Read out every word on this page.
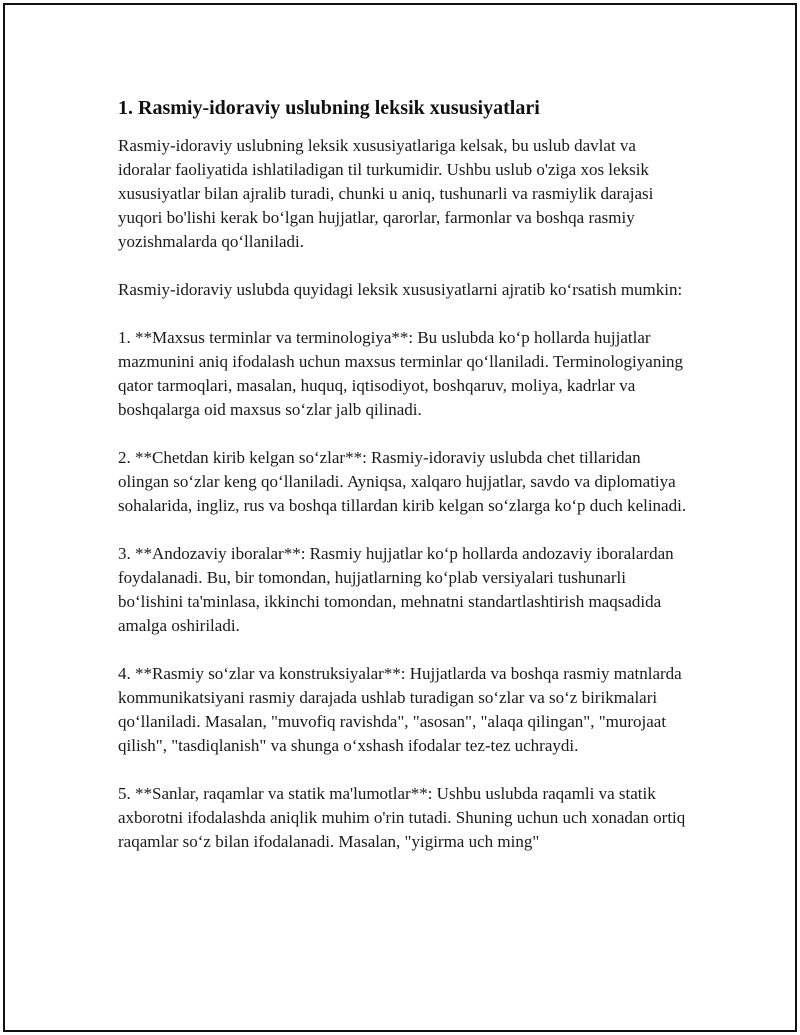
1. Rasmiy-idoraviy uslubning leksik xususiyatlari

Rasmiy-idoraviy uslubning leksik xususiyatlariga kelsak, bu uslub davlat va idoralar faoliyatida ishlatiladigan til turkumidir. Ushbu uslub o'ziga xos leksik xususiyatlar bilan ajralib turadi, chunki u aniq, tushunarli va rasmiylik darajasi yuqori bo'lishi kerak bo‘lgan hujjatlar, qarorlar, farmonlar va boshqa rasmiy yozishmalarda qo‘llaniladi.

Rasmiy-idoraviy uslubda quyidagi leksik xususiyatlarni ajratib ko‘rsatish mumkin:

1. **Maxsus terminlar va terminologiya**: Bu uslubda ko‘p hollarda hujjatlar mazmunini aniq ifodalash uchun maxsus terminlar qo‘llaniladi. Terminologiyaning qator tarmoqlari, masalan, huquq, iqtisodiyot, boshqaruv, moliya, kadrlar va boshqalarga oid maxsus so‘zlar jalb qilinadi.

2. **Chetdan kirib kelgan so‘zlar**: Rasmiy-idoraviy uslubda chet tillaridan olingan so‘zlar keng qo‘llaniladi. Ayniqsa, xalqaro hujjatlar, savdo va diplomatiya sohalarida, ingliz, rus va boshqa tillardan kirib kelgan so‘zlarga ko‘p duch kelinadi.

3. **Andozaviy iboralar**: Rasmiy hujjatlar ko‘p hollarda andozaviy iboralardan foydalanadi. Bu, bir tomondan, hujjatlarning ko‘plab versiyalari tushunarli bo‘lishini ta'minlasa, ikkinchi tomondan, mehnatni standartlashtirish maqsadida amalga oshiriladi.

4. **Rasmiy so‘zlar va konstruksiyalar**: Hujjatlarda va boshqa rasmiy matnlarda kommunikatsiyani rasmiy darajada ushlab turadigan so‘zlar va so‘z birikmalari qo‘llaniladi. Masalan, "muvofiq ravishda", "asosan", "alaqa qilingan", "murojaat qilish", "tasdiqlanish" va shunga o‘xshash ifodalar tez-tez uchraydi.

5. **Sanlar, raqamlar va statik ma'lumotlar**: Ushbu uslubda raqamli va statik axborotni ifodalashda aniqlik muhim o'rin tutadi. Shuning uchun uch xonadan ortiq raqamlar so‘z bilan ifodalanadi. Masalan, "yigirma uch ming"
